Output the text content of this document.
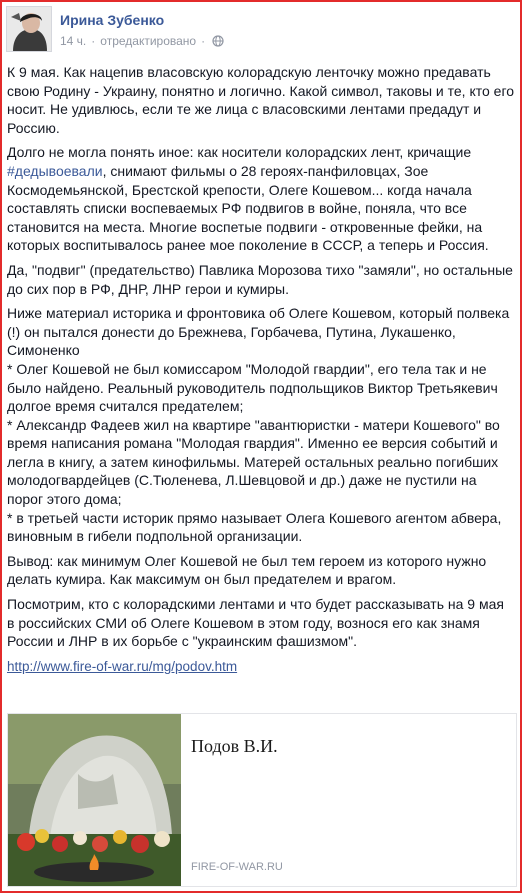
Ирина Зубенко
14 ч. · отредактировано ·

К 9 мая. Как нацепив власовскую колорадскую ленточку можно предавать свою Родину - Украину, понятно и логично. Какой символ, таковы и те, кто его носит. Не удивлюсь, если те же лица с власовскими лентами предадут и Россию.

Долго не могла понять иное: как носители колорадских лент, кричащие #дедывоевали, снимают фильмы о 28 героях-панфиловцах, Зое Космодемьянской, Брестской крепости, Олеге Кошевом... когда начала составлять списки воспеваемых РФ подвигов в войне, поняла, что все становится на места. Многие воспетые подвиги - откровенные фейки, на которых воспитывалось ранее мое поколение в СССР, а теперь и Россия.

Да, "подвиг" (предательство) Павлика Морозова тихо "замяли", но остальные до сих пор в РФ, ДНР, ЛНР герои и кумиры.

Ниже материал историка и фронтовика об Олеге Кошевом, который полвека (!) он пытался донести до Брежнева, Горбачева, Путина, Лукашенко, Симоненко

* Олег Кошевой не был комиссаром "Молодой гвардии", его тела так и не было найдено. Реальный руководитель подпольщиков Виктор Третьякевич долгое время считался предателем;

* Александр Фадеев жил на квартире "авантюристки - матери Кошевого" во время написания романа "Молодая гвардия". Именно ее версия событий и легла в книгу, а затем кинофильмы. Матерей остальных реально погибших молодогвардейцев (С.Тюленева, Л.Шевцовой и др.) даже не пустили на порог этого дома;

* в третьей части историк прямо называет Олега Кошевого агентом абвера, виновным в гибели подпольной организации.

Вывод: как минимум Олег Кошевой не был тем героем из которого нужно делать кумира. Как максимум он был предателем и врагом.

Посмотрим, кто с колорадскими лентами и что будет рассказывать на 9 мая в российских СМИ об Олеге Кошевом в этом году, вознося его как знамя России и ЛНР в их борьбе с "украинским фашизмом".

http://www.fire-of-war.ru/mg/podov.htm

Подов В.И.
FIRE-OF-WAR.RU
